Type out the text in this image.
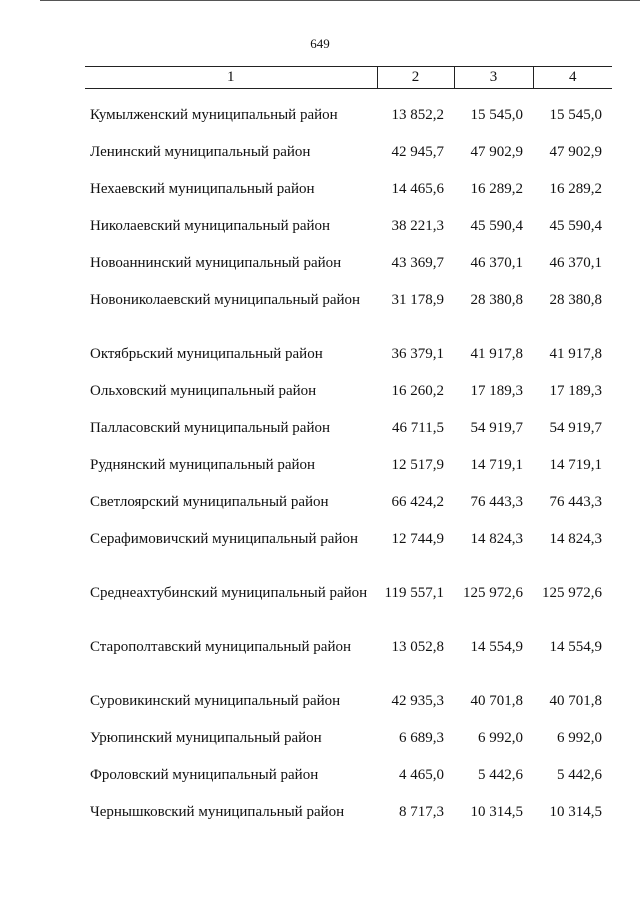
649
1	2	3	4
Кумылженский муниципальный район	13 852,2	15 545,0	15 545,0
Ленинский муниципальный район	42 945,7	47 902,9	47 902,9
Нехаевский муниципальный район	14 465,6	16 289,2	16 289,2
Николаевский муниципальный район	38 221,3	45 590,4	45 590,4
Новоаннинский муниципальный район	43 369,7	46 370,1	46 370,1
Новониколаевский муниципальный район	31 178,9	28 380,8	28 380,8
Октябрьский муниципальный район	36 379,1	41 917,8	41 917,8
Ольховский муниципальный район	16 260,2	17 189,3	17 189,3
Палласовский муниципальный район	46 711,5	54 919,7	54 919,7
Руднянский муниципальный район	12 517,9	14 719,1	14 719,1
Светлоярский муниципальный район	66 424,2	76 443,3	76 443,3
Серафимовичский муниципальный район	12 744,9	14 824,3	14 824,3
Среднеахтубинский муниципальный район	119 557,1	125 972,6	125 972,6
Старополтавский муниципальный район	13 052,8	14 554,9	14 554,9
Суровикинский муниципальный район	42 935,3	40 701,8	40 701,8
Урюпинский муниципальный район	6 689,3	6 992,0	6 992,0
Фроловский муниципальный район	4 465,0	5 442,6	5 442,6
Чернышковский муниципальный район	8 717,3	10 314,5	10 314,5
